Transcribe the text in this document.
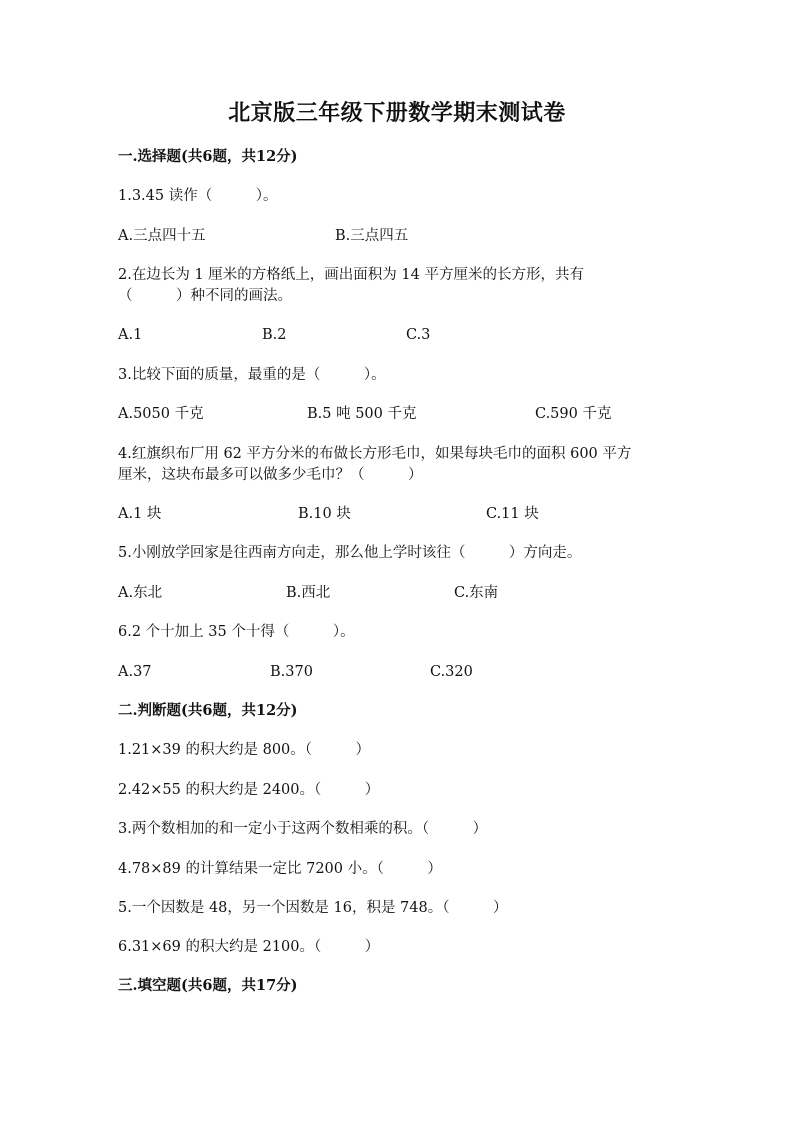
北京版三年级下册数学期末测试卷
一.选择题(共6题，共12分)
1.3.45 读作（　　　）。
A.三点四十五	B.三点四五
2.在边长为 1 厘米的方格纸上，画出面积为 14 平方厘米的长方形，共有
（　　　）种不同的画法。
A.1	B.2	C.3
3.比较下面的质量，最重的是（　　　）。
A.5050 千克	B.5 吨 500 千克	C.590 千克
4.红旗织布厂用 62 平方分米的布做长方形毛巾，如果每块毛巾的面积 600 平方
厘米，这块布最多可以做多少毛巾？（　　　）
A.1 块	B.10 块	C.11 块
5.小刚放学回家是往西南方向走，那么他上学时该往（　　　）方向走。
A.东北	B.西北	C.东南
6.2 个十加上 35 个十得（　　　）。
A.37	B.370	C.320
二.判断题(共6题，共12分)
1.21×39 的积大约是 800。（　　　）
2.42×55 的积大约是 2400。（　　　）
3.两个数相加的和一定小于这两个数相乘的积。（　　　）
4.78×89 的计算结果一定比 7200 小。（　　　）
5.一个因数是 48，另一个因数是 16，积是 748。（　　　）
6.31×69 的积大约是 2100。（　　　）
三.填空题(共6题，共17分)
